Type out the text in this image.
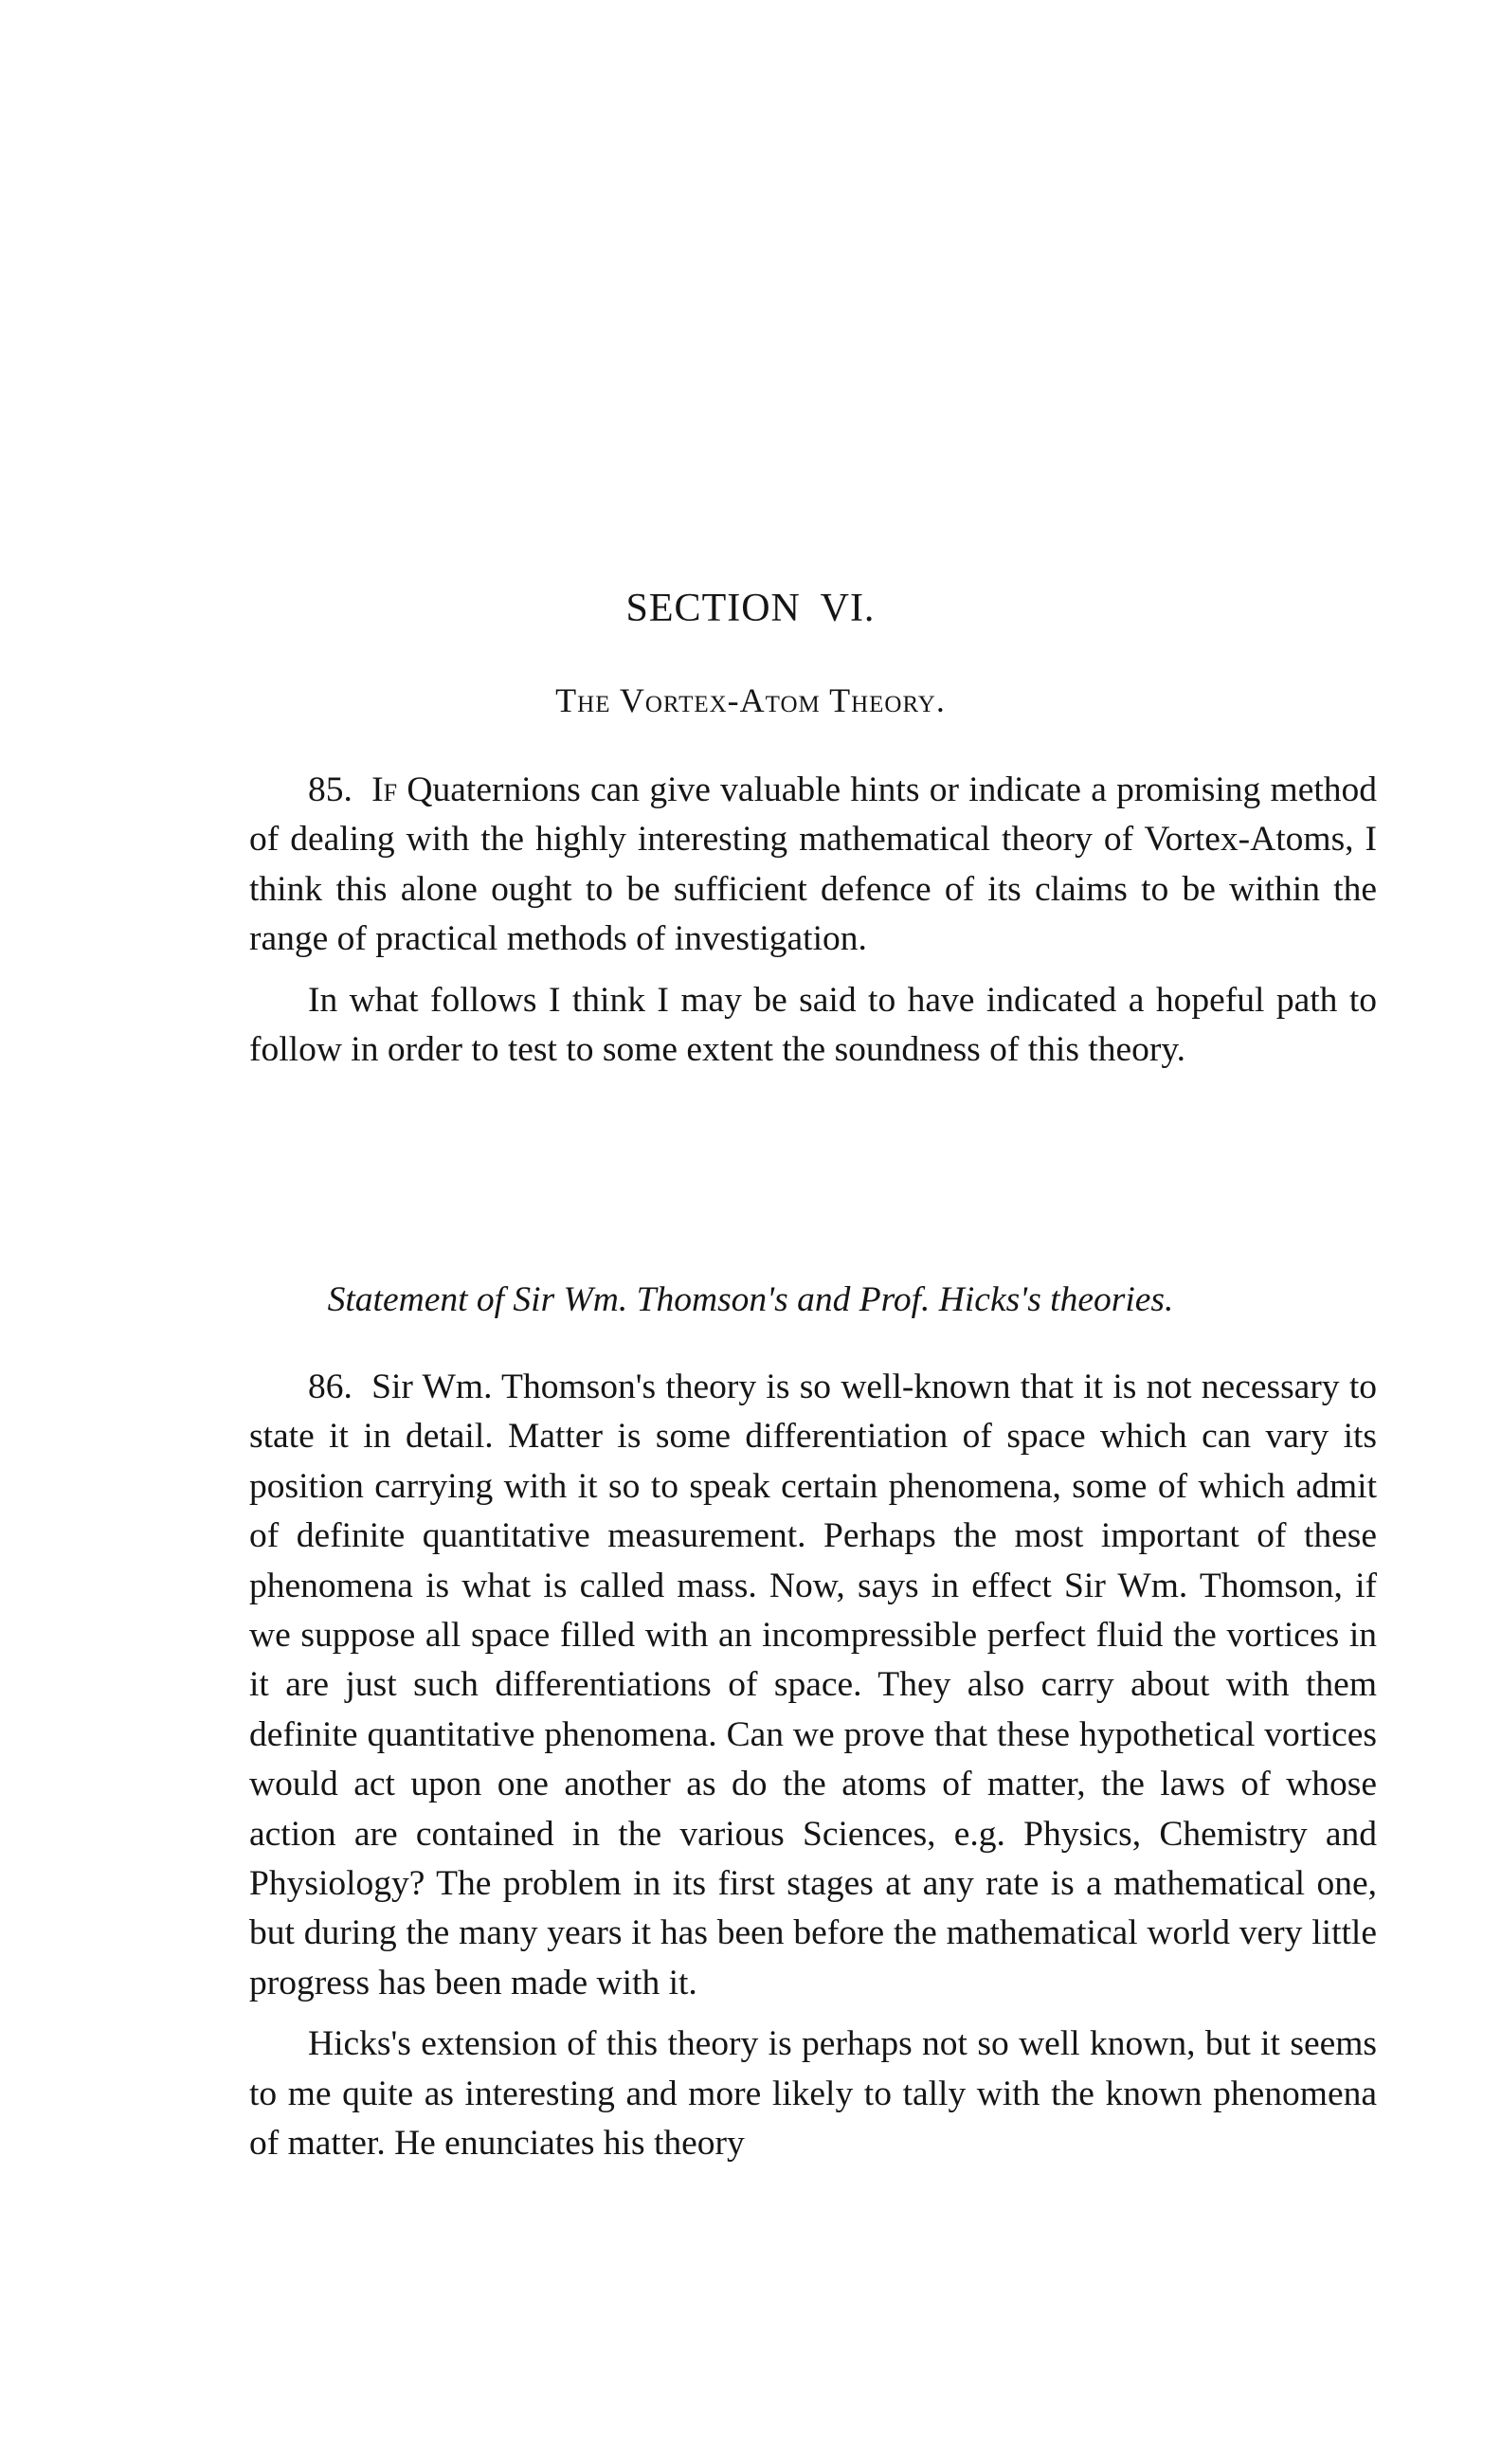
SECTION VI.
The Vortex-Atom Theory.

85. If Quaternions can give valuable hints or indicate a promising method of dealing with the highly interesting mathematical theory of Vortex-Atoms, I think this alone ought to be sufficient defence of its claims to be within the range of practical methods of investigation.

In what follows I think I may be said to have indicated a hopeful path to follow in order to test to some extent the soundness of this theory.

Statement of Sir Wm. Thomson's and Prof. Hicks's theories.

86. Sir Wm. Thomson's theory is so well-known that it is not necessary to state it in detail. Matter is some differentiation of space which can vary its position carrying with it so to speak certain phenomena, some of which admit of definite quantitative measurement. Perhaps the most important of these phenomena is what is called mass. Now, says in effect Sir Wm. Thomson, if we suppose all space filled with an incompressible perfect fluid the vortices in it are just such differentiations of space. They also carry about with them definite quantitative phenomena. Can we prove that these hypothetical vortices would act upon one another as do the atoms of matter, the laws of whose action are contained in the various Sciences, e.g. Physics, Chemistry and Physiology? The problem in its first stages at any rate is a mathematical one, but during the many years it has been before the mathematical world very little progress has been made with it.

Hicks's extension of this theory is perhaps not so well known, but it seems to me quite as interesting and more likely to tally with the known phenomena of matter. He enunciates his theory
